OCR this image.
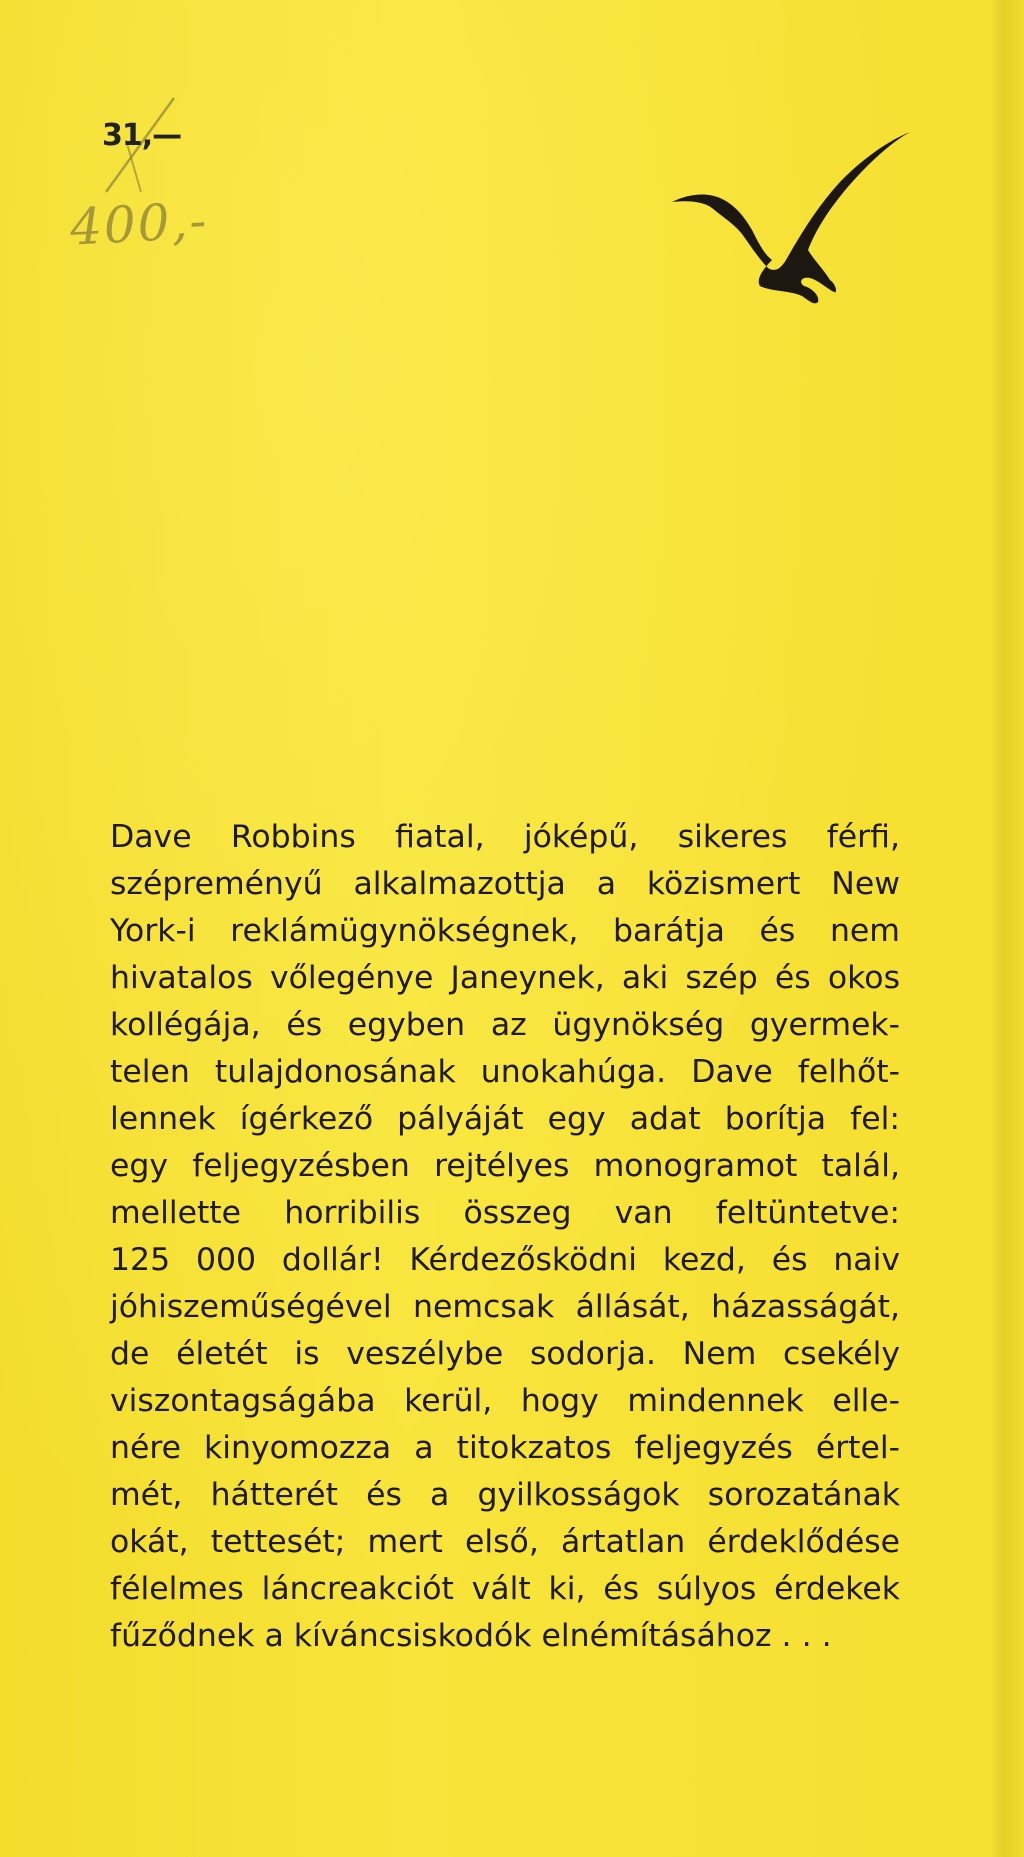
31,—
400,-

Dave Robbins fiatal, jóképű, sikeres férfi,
szépreményű alkalmazottja a közismert New
York-i reklámügynökségnek, barátja és nem
hivatalos vőlegénye Janeynek, aki szép és okos
kollégája, és egyben az ügynökség gyermek-
telen tulajdonosának unokahúga. Dave felhőt-
lennek ígérkező pályáját egy adat borítja fel:
egy feljegyzésben rejtélyes monogramot talál,
mellette horribilis összeg van feltüntetve:
125 000 dollár! Kérdezősködni kezd, és naiv
jóhiszeműségével nemcsak állását, házasságát,
de életét is veszélybe sodorja. Nem csekély
viszontagságába kerül, hogy mindennek elle-
nére kinyomozza a titokzatos feljegyzés értel-
mét, hátterét és a gyilkosságok sorozatának
okát, tettesét; mert első, ártatlan érdeklődése
félelmes láncreakciót vált ki, és súlyos érdekek
fűződnek a kíváncsiskodók elnémításához . . .
